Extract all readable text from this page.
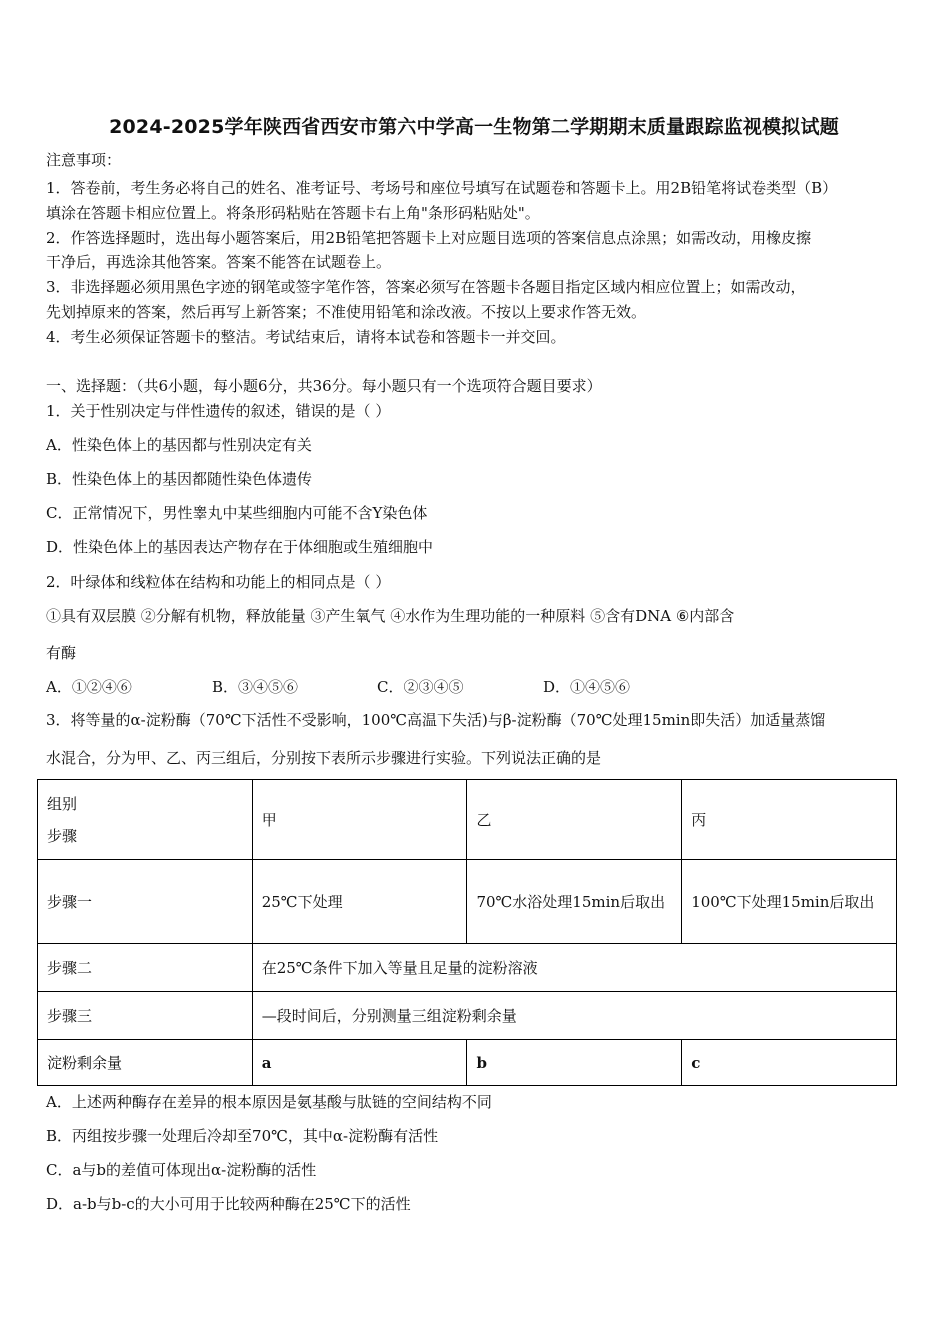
2024-2025学年陕西省西安市第六中学高一生物第二学期期末质量跟踪监视模拟试题
注意事项：
1．答卷前，考生务必将自己的姓名、准考证号、考场号和座位号填写在试题卷和答题卡上。用2B铅笔将试卷类型（B）
填涂在答题卡相应位置上。将条形码粘贴在答题卡右上角"条形码粘贴处"。
2．作答选择题时，选出每小题答案后，用2B铅笔把答题卡上对应题目选项的答案信息点涂黑；如需改动，用橡皮擦
干净后，再选涂其他答案。答案不能答在试题卷上。
3．非选择题必须用黑色字迹的钢笔或签字笔作答，答案必须写在答题卡各题目指定区域内相应位置上；如需改动，
先划掉原来的答案，然后再写上新答案；不准使用铅笔和涂改液。不按以上要求作答无效。
4．考生必须保证答题卡的整洁。考试结束后，请将本试卷和答题卡一并交回。
一、选择题：（共6小题，每小题6分，共36分。每小题只有一个选项符合题目要求）
1．关于性别决定与伴性遗传的叙述，错误的是（ ）
A．性染色体上的基因都与性别决定有关
B．性染色体上的基因都随性染色体遗传
C．正常情况下，男性睾丸中某些细胞内可能不含Y染色体
D．性染色体上的基因表达产物存在于体细胞或生殖细胞中
2．叶绿体和线粒体在结构和功能上的相同点是（ ）
①具有双层膜 ②分解有机物，释放能量 ③产生氧气 ④水作为生理功能的一种原料 ⑤含有DNA ⑥内部含
有酶
A．①②④⑥	B．③④⑤⑥	C．②③④⑤	D．①④⑤⑥
3．将等量的α-淀粉酶（70℃下活性不受影响，100℃高温下失活)与β-淀粉酶（70℃处理15min即失活）加适量蒸馏
水混合，分为甲、乙、丙三组后，分别按下表所示步骤进行实验。下列说法正确的是
组别
步骤	甲	乙	丙
步骤一	25℃下处理	70℃水浴处理15min后取出	100℃下处理15min后取出
步骤二	在25℃条件下加入等量且足量的淀粉溶液		
步骤三	—段时间后，分别测量三组淀粉剩余量		
淀粉剩余量	a	b	c
A．上述两种酶存在差异的根本原因是氨基酸与肽链的空间结构不同
B．丙组按步骤一处理后冷却至70℃，其中α-淀粉酶有活性
C．a与b的差值可体现出α-淀粉酶的活性
D．a-b与b-c的大小可用于比较两种酶在25℃下的活性
